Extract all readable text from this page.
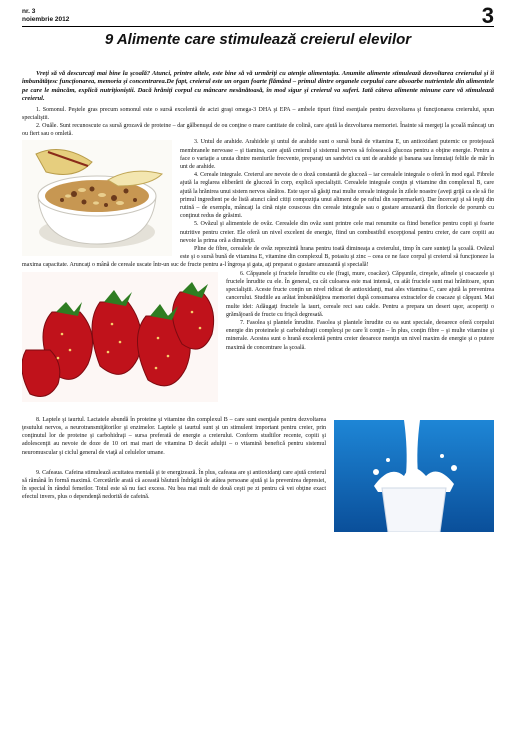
nr. 3
noiembrie 2012	3
9 Alimente care stimulează creierul elevilor

Vreţi să vă descurcaţi mai bine la şcoală? Atunci, printre altele, este bine să vă urmăriţi cu atenţie alimentaţia. Anumite alimente stimulează dezvoltarea creierului şi îi îmbunătăţesc funcţionarea, memoria şi concentrarea.De fapt, creierul este un organ foarte flămând – primul dintre organele corpului care absoarbe nutrientele din alimentele pe care le mâncăm, explică nutriţioniştii. Dacă hrăniţi corpul cu mâncare nesănătoasă, în mod sigur şi creierul va suferi. Iată câteva alimente minune care vă stimulează creierul.

1. Somonul. Peştele gras precum somonul este o sursă excelentă de acizi graşi omega-3 DHA şi EPA – ambele tipuri fiind esenţiale pentru dezvoltarea şi funcţionarea creierului, spun specialiştii.

2. Ouăle. Sunt recunoscute ca sursă grozavă de proteine – dar gălbenuşul de ou conţine o mare cantitate de colină, care ajută la dezvoltarea memoriei. Înainte să mergeţi la şcoală mâncaţi un ou fiert sau o omletă.

3. Untul de arahide. Arahidele şi untul de arahide sunt o sursă bună de vitamina E, un antioxidant puternic ce protejează membranele nervoase – şi tiamina, care ajută creierul şi sistemul nervos să folosească glucoza pentru a obţine energie. Pentru a face o variaţie a unuia dintre meniurile frecvente, preparaţi un sandvici cu unt de arahide şi banana sau înmuiaţi feliile de măr în unt de arahide.

4. Cereale integrale. Creierul are nevoie de o doză constantă de glucoză – iar cerealele integrale o oferă în mod egal. Fibrele ajută la reglarea eliberării de glucoză în corp, explică specialiştii. Cerealele integrale conţin şi vitamine din complexul B, care ajută la hrănirea unui sistem nervos sănătos. Este uşor să găsiţi mai multe cereale integrale în zilele noastre (aveţi grijă ca ele să fie primul ingredient pe de listă atunci când citiţi compoziţia unui aliment de pe raftul din supermarket). Dar încercaţi şi să ieşiţi din rutină – de exemplu, mâncaţi la cină nişte couscous din cereale integrale sau o gustare amuzantă din floricele de porumb cu conţinut redus de grăsimi.

5. Ovăzul şi alimentele de ovăz. Cerealele din ovăz sunt printre cele mai renumite ca fiind benefice pentru copii şi foarte nutritive pentru creier. Ele oferă un nivel excelent de energie, fiind un combustibil excepţional pentru creier, de care copiii au nevoie la prima oră a dimineţii.

Pline de fibre, cerealele de ovăz reprezintă hrana pentru toată dimineaţa a creierului, timp în care sunteţi la şcoală. Ovăzul este şi o sursă bună de vitamina E, vitamine din complexul B, potasiu şi zinc – ceea ce ne face corpul şi creierul să funcţioneze la maxima capacitate. Aruncaţi o mână de cereale uscate într-un suc de fructe pentru a-l îngroşa şi gata, aţi preparat o gustare amuzantă şi specială!

6. Căpşunele şi fructele înrudite cu ele (fragi, mure, coacăze). Căpşunile, cireşele, afinele şi coacazele şi fructele înrudite cu ele. În general, cu cât culoarea este mai intensă, cu atât fructele sunt mai hrănitoare, spun specialiştii. Aceste fructe conţin un nivel ridicat de antioxidanţi, mai ales vitamina C, care ajută la prevenirea cancerului. Studiile au arătat îmbunătăţirea memoriei după consumarea extractelor de coacaze şi căpşuni. Mai multe idei: Adăugaţi fructele la iaurt, cereale reci sau cakle. Pentru a prepara un desert uşor, acoperiţi o grămăjoară de fructe cu frişcă degresată.

7. Fasolea şi plantele înrudite. Fasolea şi plantele înrudite cu ea sunt speciale, deoarece oferă corpului energie din proteinele şi carbohidraţii complecşi pe care îi conţin – în plus, conţin fibre – şi multe vitamine şi minerale. Acestea sunt o hrană excelentă pentru creier deoarece menţin un nivel maxim de energie şi o putere maximă de concentrare la şcoală.

8. Laptele şi iaurtul. Lactatele abundă în proteine şi vitamine din complexul B – care sunt esenţiale pentru dezvoltarea ţesutului nervos, a neurotransmiţătorilor şi enzimelor. Laptele şi iaurtul sunt şi un stimulent important pentru creier, prin conţinutul lor de proteine şi carbohidraţi – sursa preferată de energie a creierului. Conform studiilor recente, copiii şi adolescenţii au nevoie de doze de 10 ori mai mari de vitamina D decât adulţii – o vitamină benefică pentru sistemul neuromuscular şi ciclul general de viaţă al celulelor umane.

9. Cafeaua. Cafeina stimulează acuitatea mentală şi te energizează. În plus, cafeaua are şi antioxidanţi care ajută creierul să rămână în formă maximă. Cercetările arată că această băutură îndrăgită de atâtea persoane ajută şi la prevenirea depresiei, în special în rândul femeilor. Totul este să nu faci excess. Nu bea mai mult de două ceşti pe zi pentru că vei obţine exact efectul invers, plus o dependenţă nedorită de cafeină.
